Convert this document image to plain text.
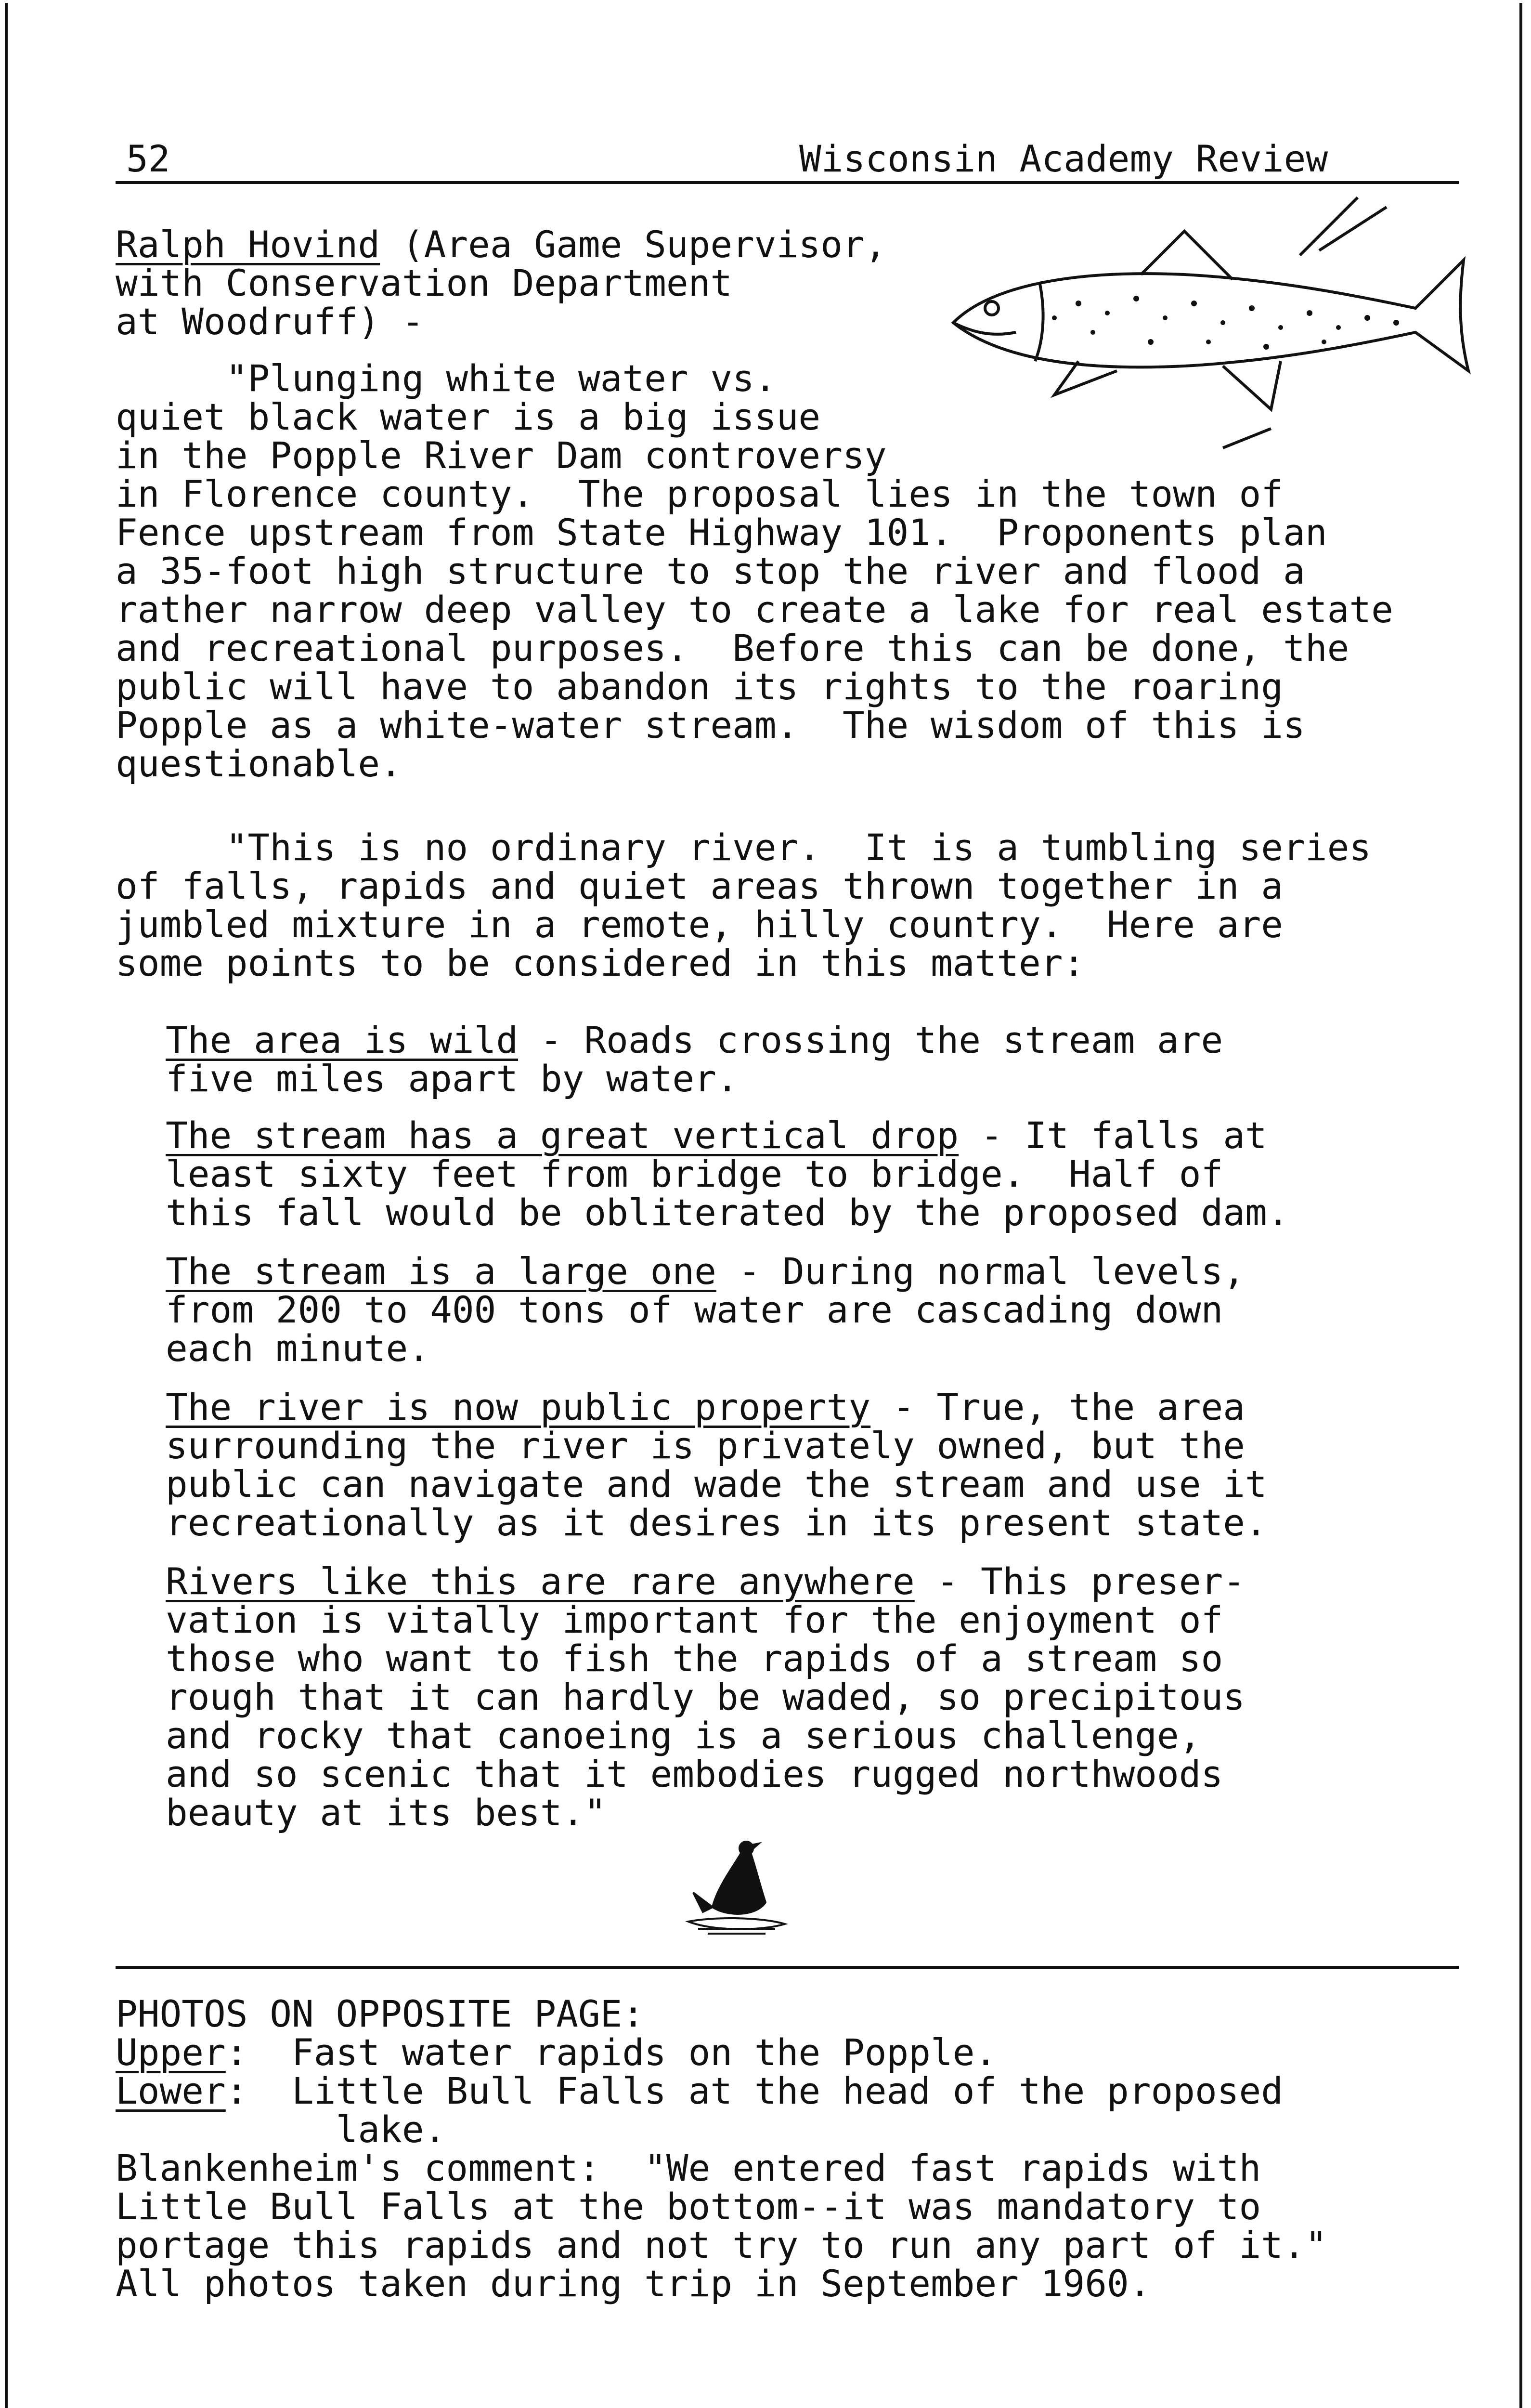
52	Wisconsin Academy Review
Ralph Hovind (Area Game Supervisor,
with Conservation Department
at Woodruff) -
"Plunging white water vs.
quiet black water is a big issue
in the Popple River Dam controversy
in Florence county.  The proposal lies in the town of
Fence upstream from State Highway 101.  Proponents plan
a 35-foot high structure to stop the river and flood a
rather narrow deep valley to create a lake for real estate
and recreational purposes.  Before this can be done, the
public will have to abandon its rights to the roaring
Popple as a white-water stream.  The wisdom of this is
questionable.
"This is no ordinary river.  It is a tumbling series
of falls, rapids and quiet areas thrown together in a
jumbled mixture in a remote, hilly country.  Here are
some points to be considered in this matter:
The area is wild - Roads crossing the stream are
five miles apart by water.
The stream has a great vertical drop - It falls at
least sixty feet from bridge to bridge.  Half of
this fall would be obliterated by the proposed dam.
The stream is a large one - During normal levels,
from 200 to 400 tons of water are cascading down
each minute.
The river is now public property - True, the area
surrounding the river is privately owned, but the
public can navigate and wade the stream and use it
recreationally as it desires in its present state.
Rivers like this are rare anywhere - This preser-
vation is vitally important for the enjoyment of
those who want to fish the rapids of a stream so
rough that it can hardly be waded, so precipitous
and rocky that canoeing is a serious challenge,
and so scenic that it embodies rugged northwoods
beauty at its best."
PHOTOS ON OPPOSITE PAGE:
Upper:  Fast water rapids on the Popple.
Lower:  Little Bull Falls at the head of the proposed
lake.
Blankenheim's comment:  "We entered fast rapids with
Little Bull Falls at the bottom--it was mandatory to
portage this rapids and not try to run any part of it."
All photos taken during trip in September 1960.
